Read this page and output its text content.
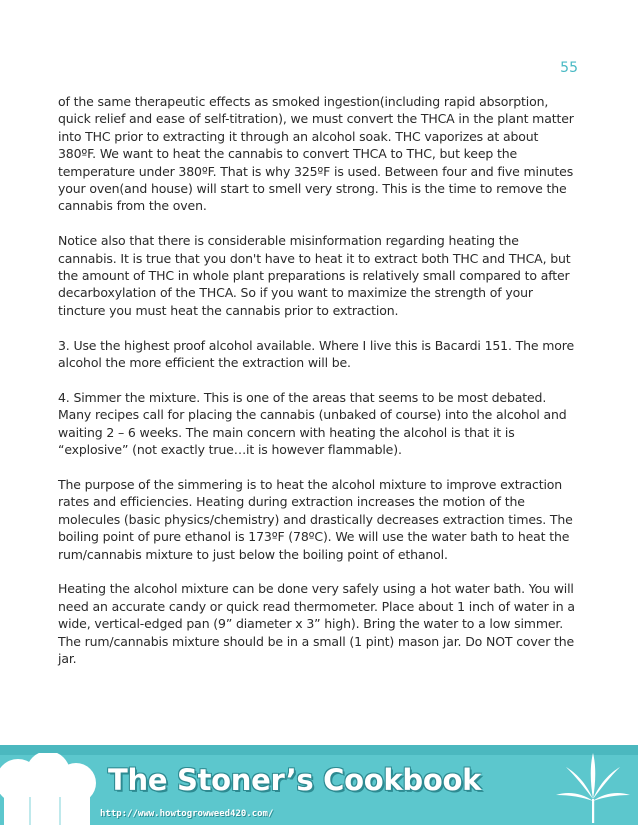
55

of the same therapeutic effects as smoked ingestion(including rapid absorption, quick relief and ease of self-titration), we must convert the THCA in the plant matter into THC prior to extracting it through an alcohol soak. THC vaporizes at about 380ºF. We want to heat the cannabis to convert THCA to THC, but keep the temperature under 380ºF. That is why 325ºF is used. Between four and five minutes your oven(and house) will start to smell very strong. This is the time to remove the cannabis from the oven.

Notice also that there is considerable misinformation regarding heating the cannabis. It is true that you don't have to heat it to extract both THC and THCA, but the amount of THC in whole plant preparations is relatively small compared to after decarboxylation of the THCA. So if you want to maximize the strength of your tincture you must heat the cannabis prior to extraction.

3. Use the highest proof alcohol available. Where I live this is Bacardi 151. The more alcohol the more efficient the extraction will be.

4. Simmer the mixture. This is one of the areas that seems to be most debated. Many recipes call for placing the cannabis (unbaked of course) into the alcohol and waiting 2 – 6 weeks. The main concern with heating the alcohol is that it is “explosive” (not exactly true…it is however flammable).

The purpose of the simmering is to heat the alcohol mixture to improve extraction rates and efficiencies. Heating during extraction increases the motion of the molecules (basic physics/chemistry) and drastically decreases extraction times. The boiling point of pure ethanol is 173ºF (78ºC). We will use the water bath to heat the rum/cannabis mixture to just below the boiling point of ethanol.

Heating the alcohol mixture can be done very safely using a hot water bath. You will need an accurate candy or quick read thermometer. Place about 1 inch of water in a wide, vertical-edged pan (9” diameter x 3” high). Bring the water to a low simmer. The rum/cannabis mixture should be in a small (1 pint) mason jar. Do NOT cover the jar.

The Stoner’s Cookbook
http://www.howtogrowweed420.com/
